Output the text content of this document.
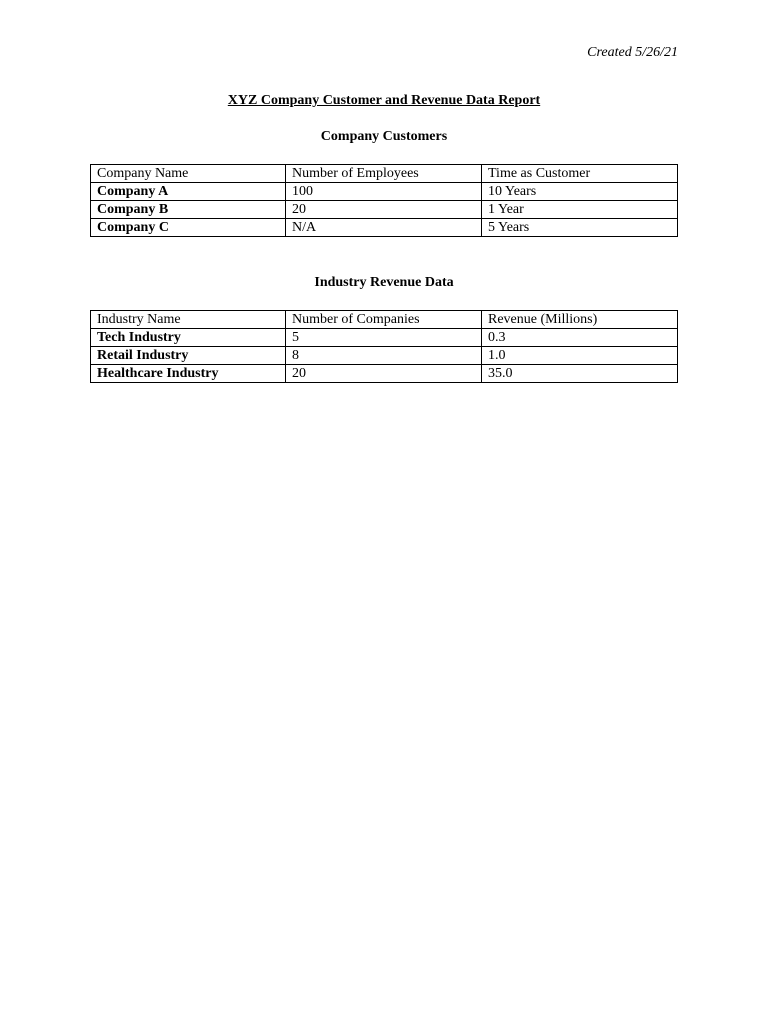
Created 5/26/21
XYZ Company Customer and Revenue Data Report
Company Customers
Company Name	Number of Employees	Time as Customer
Company A	100	10 Years
Company B	20	1 Year
Company C	N/A	5 Years
Industry Revenue Data
Industry Name	Number of Companies	Revenue (Millions)
Tech Industry	5	0.3
Retail Industry	8	1.0
Healthcare Industry	20	35.0
